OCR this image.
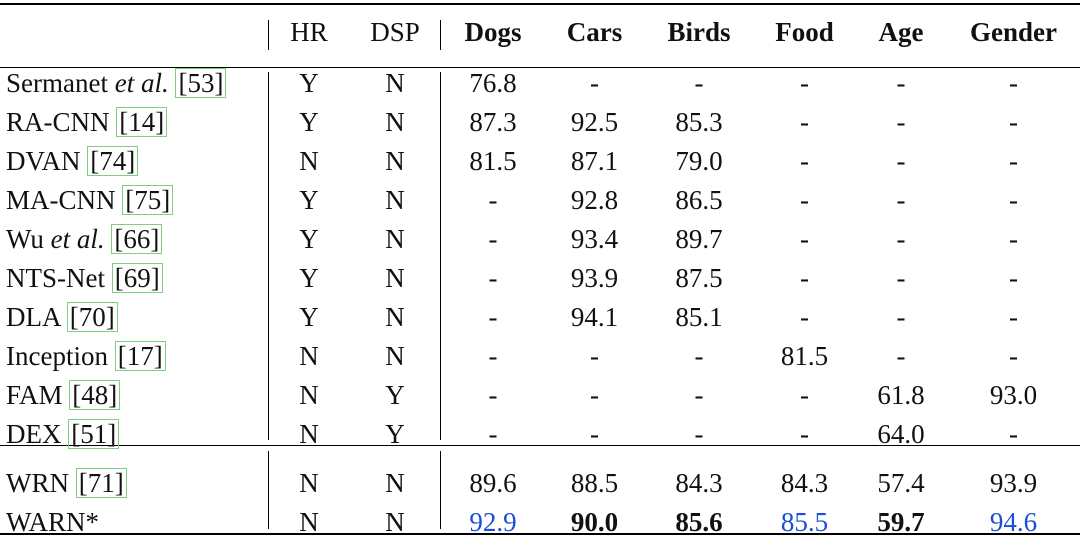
	HR	DSP	Dogs	Cars	Birds	Food	Age	Gender
Sermanet et al. [53]	Y	N	76.8	-	-	-	-	-
RA-CNN [14]	Y	N	87.3	92.5	85.3	-	-	-
DVAN [74]	N	N	81.5	87.1	79.0	-	-	-
MA-CNN [75]	Y	N	-	92.8	86.5	-	-	-
Wu et al. [66]	Y	N	-	93.4	89.7	-	-	-
NTS-Net [69]	Y	N	-	93.9	87.5	-	-	-
DLA [70]	Y	N	-	94.1	85.1	-	-	-
Inception [17]	N	N	-	-	-	81.5	-	-
FAM [48]	N	Y	-	-	-	-	61.8	93.0
DEX [51]	N	Y	-	-	-	-	64.0	-

WRN [71]	N	N	89.6	88.5	84.3	84.3	57.4	93.9
WARN*	N	N	92.9	90.0	85.6	85.5	59.7	94.6
